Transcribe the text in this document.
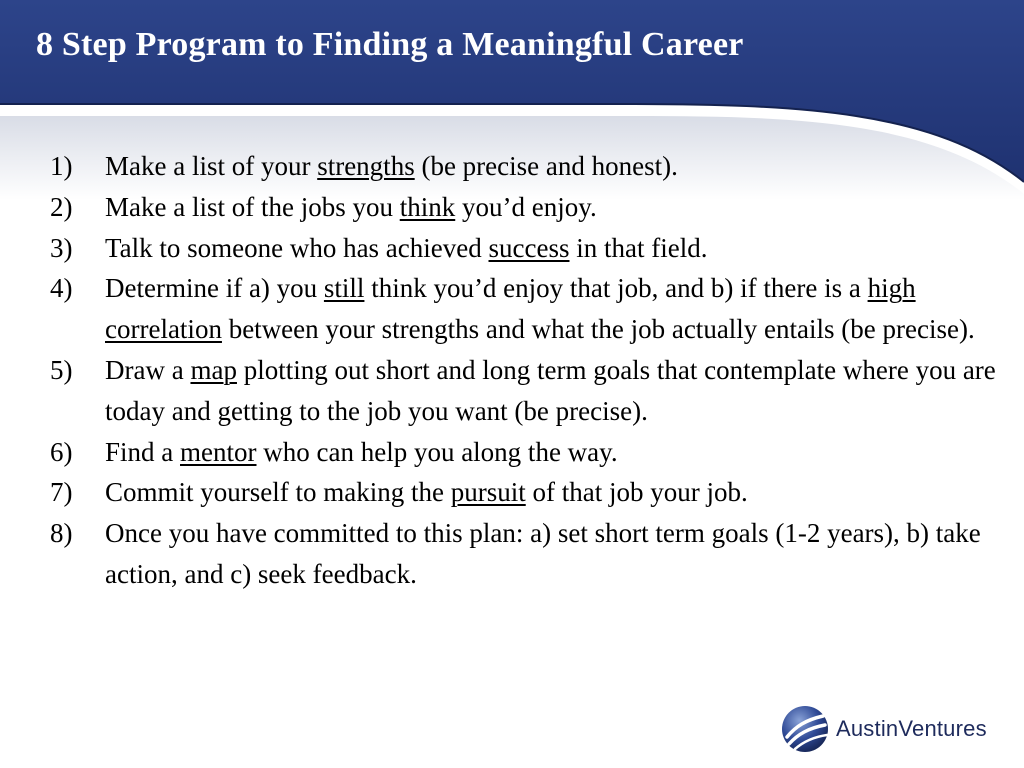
8 Step Program to Finding a Meaningful Career
1) Make a list of your strengths (be precise and honest).
2) Make a list of the jobs you think you’d enjoy.
3) Talk to someone who has achieved success in that field.
4) Determine if a) you still think you’d enjoy that job, and b) if there is a high correlation between your strengths and what the job actually entails (be precise).
5) Draw a map plotting out short and long term goals that contemplate where you are today and getting to the job you want (be precise).
6) Find a mentor who can help you along the way.
7) Commit yourself to making the pursuit of that job your job.
8) Once you have committed to this plan: a) set short term goals (1-2 years), b) take action, and c) seek feedback.
AustinVentures
